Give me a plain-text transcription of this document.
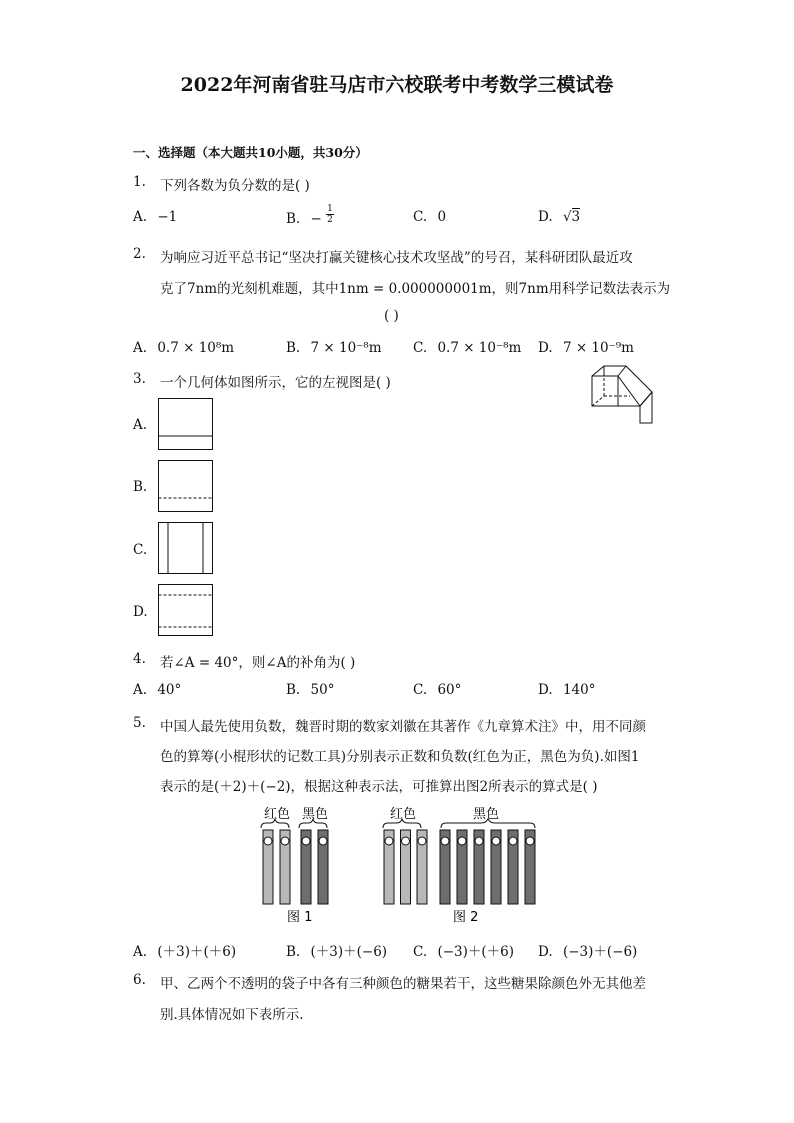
2022年河南省驻马店市六校联考中考数学三模试卷
一、选择题（本大题共10小题，共30分）
1. 下列各数为负分数的是( )
A. −1	B. − $\frac{1}{2}$	C. 0	D. √3
2. 为响应习近平总书记“坚决打赢关键核心技术攻坚战”的号召，某科研团队最近攻
克了7nm的光刻机难题，其中1nm = 0.000000001m，则7nm用科学记数法表示为
( )
A. 0.7 × 10⁸m	B. 7 × 10⁻⁸m C. 0.7 × 10⁻⁸m D. 7 × 10⁻⁹m
3. 一个几何体如图所示，它的左视图是( )
A.
B.
C.
D.
4. 若∠A = 40°，则∠A的补角为( )
A. 40°	B. 50°	C. 60°	D. 140°
5. 中国人最先使用负数，魏晋时期的数家刘徽在其著作《九章算术注》中，用不同颜
色的算筹(小棍形状的记数工具)分别表示正数和负数(红色为正，黑色为负).如图1
表示的是(＋2)＋(−2)，根据这种表示法，可推算出图2所表示的算式是( )
红色 黑色
图 1
红色	黑色
图 2
A. (＋3)＋(＋6)	B. (＋3)＋(−6) C. (−3)＋(＋6) D. (−3)＋(−6)
6. 甲、乙两个不透明的袋子中各有三种颜色的糖果若干，这些糖果除颜色外无其他差
别.具体情况如下表所示.
